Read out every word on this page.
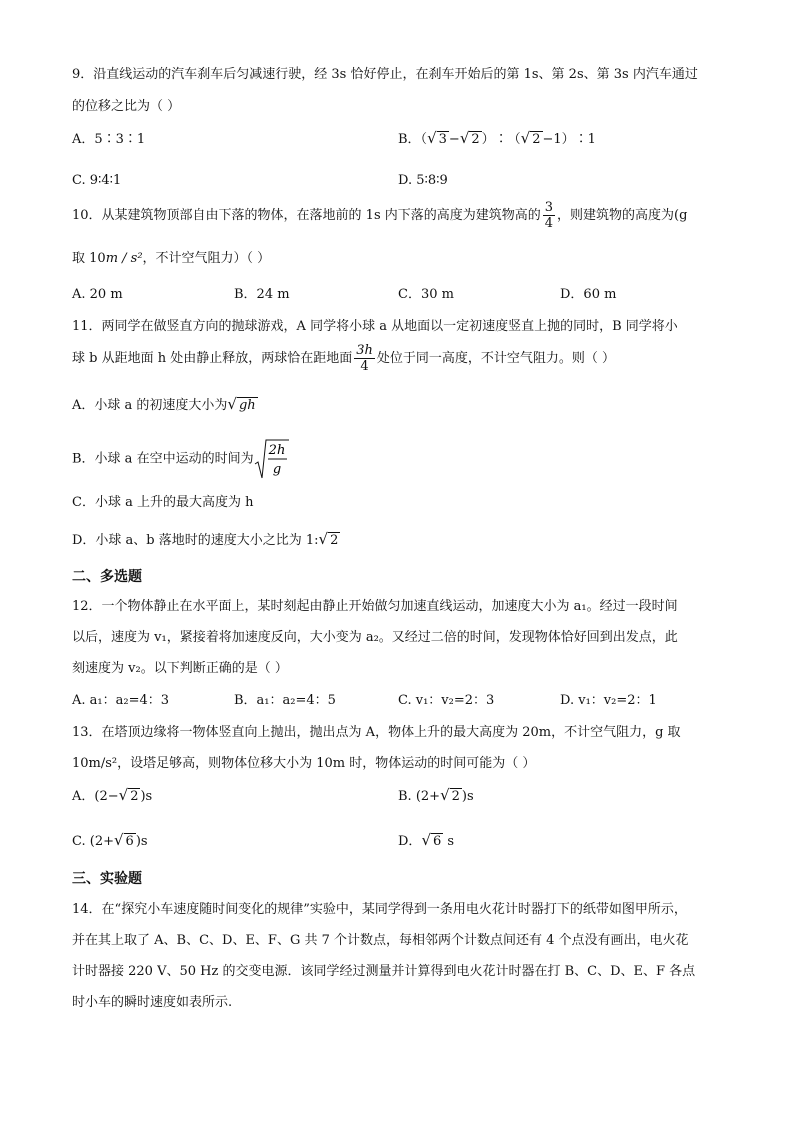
9．沿直线运动的汽车刹车后匀减速行驶，经 3s 恰好停止，在刹车开始后的第 1s、第 2s、第 3s 内汽车通过
的位移之比为（ ）
A．5∶3∶1	B．（√ 3 −√ 2 ）∶（√ 2 −1）∶1
C. 9∶4∶1	D. 5∶8∶9
10．从某建筑物顶部自由下落的物体，在落地前的 1s 内下落的高度为建筑物高的 $\frac{3}{4}$ ，则建筑物的高度为(g
取 10m / s²，不计空气阻力）（ ）
A. 20 m	B．24 m	C．30 m	D．60 m
11．两同学在做竖直方向的抛球游戏，A 同学将小球 a 从地面以一定初速度竖直上抛的同时，B 同学将小
球 b 从距地面 h 处由静止释放，两球恰在距地面 $\frac{3h}{4}$ 处位于同一高度，不计空气阻力。则（ ）
A．小球 a 的初速度大小为√ gh
B．小球 a 在空中运动的时间为
2h
g
C．小球 a 上升的最大高度为 h
D．小球 a、b 落地时的速度大小之比为 1:√ 2
二、多选题
12．一个物体静止在水平面上，某时刻起由静止开始做匀加速直线运动，加速度大小为 a₁。经过一段时间
以后，速度为 v₁，紧接着将加速度反向，大小变为 a₂。又经过二倍的时间，发现物体恰好回到出发点，此
刻速度为 v₂。以下判断正确的是（ ）
A. a₁：a₂=4：3	B．a₁：a₂=4：5	C. v₁：v₂=2：3	D. v₁：v₂=2：1
13．在塔顶边缘将一物体竖直向上抛出，抛出点为 A，物体上升的最大高度为 20m，不计空气阻力，g 取
10m/s²，设塔足够高，则物体位移大小为 10m 时，物体运动的时间可能为（ ）
A．(2−√ 2 )s	B. (2+√ 2 )s
C. (2+√ 6 )s	D．√ 6 s
三、实验题
14．在“探究小车速度随时间变化的规律”实验中，某同学得到一条用电火花计时器打下的纸带如图甲所示，
并在其上取了 A、B、C、D、E、F、G 共 7 个计数点，每相邻两个计数点间还有 4 个点没有画出，电火花
计时器接 220 V、50 Hz 的交变电源．该同学经过测量并计算得到电火花计时器在打 B、C、D、E、F 各点
时小车的瞬时速度如表所示.
